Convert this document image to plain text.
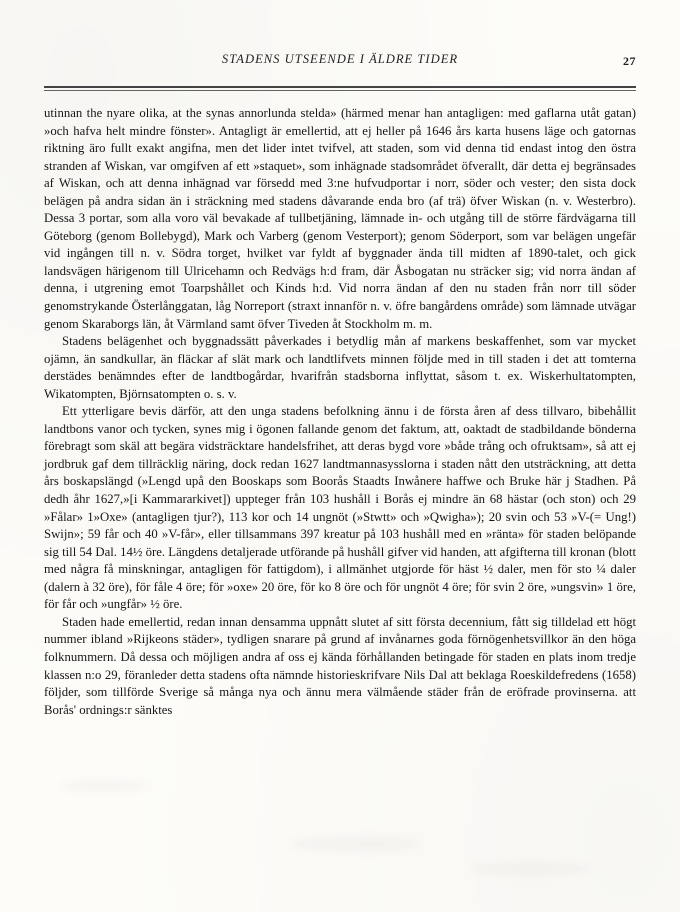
STADENS UTSEENDE I ÄLDRE TIDER	27

utinnan the nyare olika, at the synas annorlunda stelda» (härmed menar han antagligen: med gaflarna utåt gatan) »och hafva helt mindre fönster». Antagligt är emellertid, att ej heller på 1646 års karta husens läge och gatornas riktning äro fullt exakt angifna, men det lider intet tvifvel, att staden, som vid denna tid endast intog den östra stranden af Wiskan, var omgifven af ett »staquet», som inhägnade stadsområdet öfverallt, där detta ej begränsades af Wiskan, och att denna inhägnad var försedd med 3:ne hufvudportar i norr, söder och vester; den sista dock belägen på andra sidan än i sträckning med stadens dåvarande enda bro (af trä) öfver Wiskan (n. v. Westerbro). Dessa 3 portar, som alla voro väl bevakade af tullbetjäning, lämnade in- och utgång till de större färdvägarna till Göteborg (genom Bollebygd), Mark och Varberg (genom Vesterport); genom Söderport, som var belägen ungefär vid ingången till n. v. Södra torget, hvilket var fyldt af byggnader ända till midten af 1890-talet, och gick landsvägen härigenom till Ulricehamn och Redvägs h:d fram, där Åsbogatan nu sträcker sig; vid norra ändan af denna, i utgrening emot Toarpshållet och Kinds h:d. Vid norra ändan af den nu staden från norr till söder genomstrykande Österlånggatan, låg Norreport (straxt innanför n. v. öfre bangårdens område) som lämnade utvägar genom Skaraborgs län, åt Värmland samt öfver Tiveden åt Stockholm m. m.

Stadens belägenhet och byggnadssätt påverkades i betydlig mån af markens beskaffenhet, som var mycket ojämn, än sandkullar, än fläckar af slät mark och landtlifvets minnen följde med in till staden i det att tomterna derstädes benämndes efter de landtbogårdar, hvarifrån stadsborna inflyttat, såsom t. ex. Wiskerhultatompten, Wikatompten, Björnsatompten o. s. v.

Ett ytterligare bevis därför, att den unga stadens befolkning ännu i de första åren af dess tillvaro, bibehållit landtbons vanor och tycken, synes mig i ögonen fallande genom det faktum, att, oaktadt de stadbildande bönderna förebragt som skäl att begära vidsträcktare handelsfrihet, att deras bygd vore »både trång och ofruktsam», så att ej jordbruk gaf dem tillräcklig näring, dock redan 1627 landtmannasysslorna i staden nått den utsträckning, att detta års boskapslängd (»Lengd upå den Booskaps som Boorås Staadts Inwånere haffwe och Bruke här j Stadhen. På dedh åhr 1627,»[i Kammararkivet]) uppteger från 103 hushåll i Borås ej mindre än 68 hästar (och ston) och 29 »Fålar» 1»Oxe» (antagligen tjur?), 113 kor och 14 ungnöt (»Stwtt» och »Qwigha»); 20 svin och 53 »V-(= Ung!) Swijn»; 59 får och 40 »V-får», eller tillsammans 397 kreatur på 103 hushåll med en »ränta» för staden belöpande sig till 54 Dal. 14½ öre. Längdens detaljerade utförande på hushåll gifver vid handen, att afgifterna till kronan (blott med några få minskningar, antagligen för fattigdom), i allmänhet utgjorde för häst ½ daler, men för sto ¼ daler (dalern à 32 öre), för fåle 4 öre; för »oxe» 20 öre, för ko 8 öre och för ungnöt 4 öre; för svin 2 öre, »ungsvin» 1 öre, för får och »ungfår» ½ öre.

Staden hade emellertid, redan innan densamma uppnått slutet af sitt första decennium, fått sig tilldelad ett högt nummer ibland »Rijkeons städer», tydligen snarare på grund af invånarnes goda förnögenhetsvillkor än den höga folknummern. Då dessa och möjligen andra af oss ej kända förhållanden betingade för staden en plats inom tredje klassen n:o 29, föranleder detta stadens ofta nämnde historieskrifvare Nils Dal att beklaga Roeskildefredens (1658) följder, som tillförde Sverige så många nya och ännu mera välmående städer från de eröfrade provinserna. att Borås' ordnings:r sänktes
